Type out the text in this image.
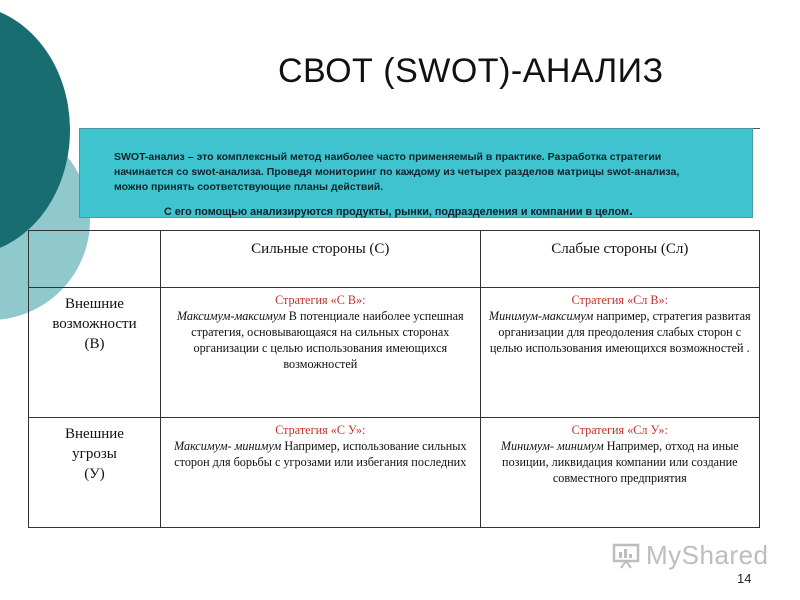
СВОТ (SWOT)-АНАЛИЗ
SWOT-анализ – это комплексный метод наиболее часто применяемый в практике. Разработка стратегии
начинается со swot-анализа. Проведя мониторинг по каждому из четырех разделов матрицы swot-анализа,
можно принять соответствующие планы действий.
С его помощью анализируются продукты, рынки, подразделения и компании в целом.
	Сильные стороны (С)	Слабые стороны (Сл)
Внешние
возможности
(В)	Стратегия «С В»:
Максимум-максимум В потенциале наиболее успешная стратегия, основывающаяся на сильных сторонах организации с целью использования имеющихся возможностей	Стратегия «Сл В»:
Минимум-максимум например, стратегия развитая организации для преодоления слабых сторон с целью использования имеющихся возможностей .
Внешние
угрозы
(У)	Стратегия «С У»:
Максимум- минимум Например, использование сильных сторон для борьбы с угрозами или избегания последних	Стратегия «Сл У»:
Минимум- минимум Например, отход на иные позиции, ликвидация компании или создание совместного предприятия
MyShared
14
